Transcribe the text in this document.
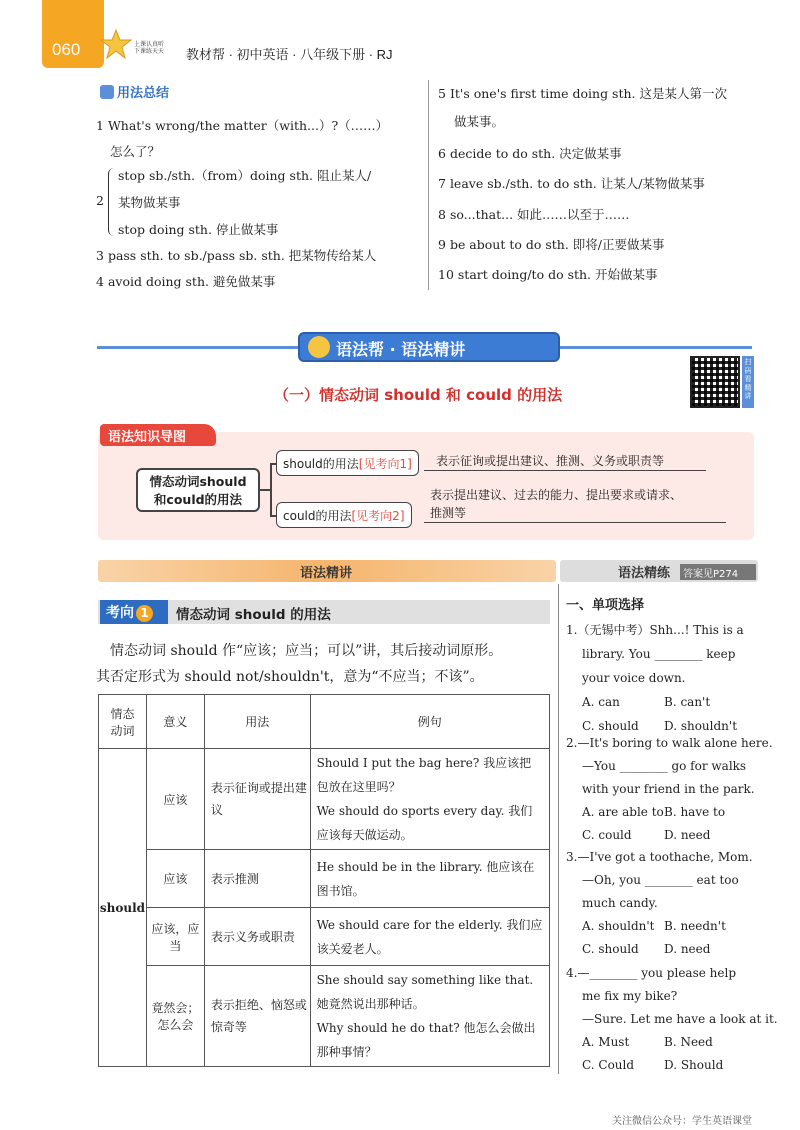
060	上课认真听
下课练天天 教材帮 · 初中英语 · 八年级下册 · RJ
用法总结
1 What's wrong/the matter（with...）?（……）
怎么了？
stop sb./sth.（from）doing sth. 阻止某人/
2 某物做某事
stop doing sth. 停止做某事
3 pass sth. to sb./pass sb. sth. 把某物传给某人
4 avoid doing sth. 避免做某事
5 It's one's first time doing sth. 这是某人第一次
做某事。
6 decide to do sth. 决定做某事
7 leave sb./sth. to do sth. 让某人/某物做某事
8 so...that... 如此……以至于……
9 be about to do sth. 即将/正要做某事
10 start doing/to do sth. 开始做某事
语法帮 · 语法精讲
扫码看精讲
（一）情态动词 should 和 could 的用法
语法知识导图
情态动词should
和could的用法
should的用法[见考向1]	表示征询或提出建议、推测、义务或职责等
could的用法[见考向2]
表示提出建议、过去的能力、提出要求或请求、
推测等
语法精讲	语法精练	答案见P274
考向 1	情态动词 should 的用法
情态动词 should 作“应该；应当；可以”讲，其后接动词原形。
其否定形式为 should not/shouldn't，意为“不应当；不该”。
情态动词	意义	用法	例句
should	应该	表示征询或提出建议	Should I put the bag here? 我应该把包放在这里吗？
We should do sports every day. 我们应该每天做运动。

	应该	表示推测	He should be in the library. 他应该在图书馆。

	应该，应当	表示义务或职责	We should care for the elderly. 我们应该关爱老人。

	竟然会；怎么会	表示拒绝、恼怒或惊奇等	She should say something like that. 她竟然说出那种话。
Why should he do that? 他怎么会做出那种事情？
一、单项选择
1.（无锡中考）Shh...! This is a
library. You ________ keep
your voice down.
A. can	B. can't
C. should D. shouldn't
2.—It's boring to walk alone here.
—You ________ go for walks
with your friend in the park.
A. are able toB. have to
C. could	D. need
3.—I've got a toothache, Mom.
—Oh, you ________ eat too
much candy.
A. shouldn't B. needn't
C. should D. need
4.—________ you please help
me fix my bike?
—Sure. Let me have a look at it.
A. Must	B. Need
C. Could D. Should
关注微信公众号：学生英语课堂
